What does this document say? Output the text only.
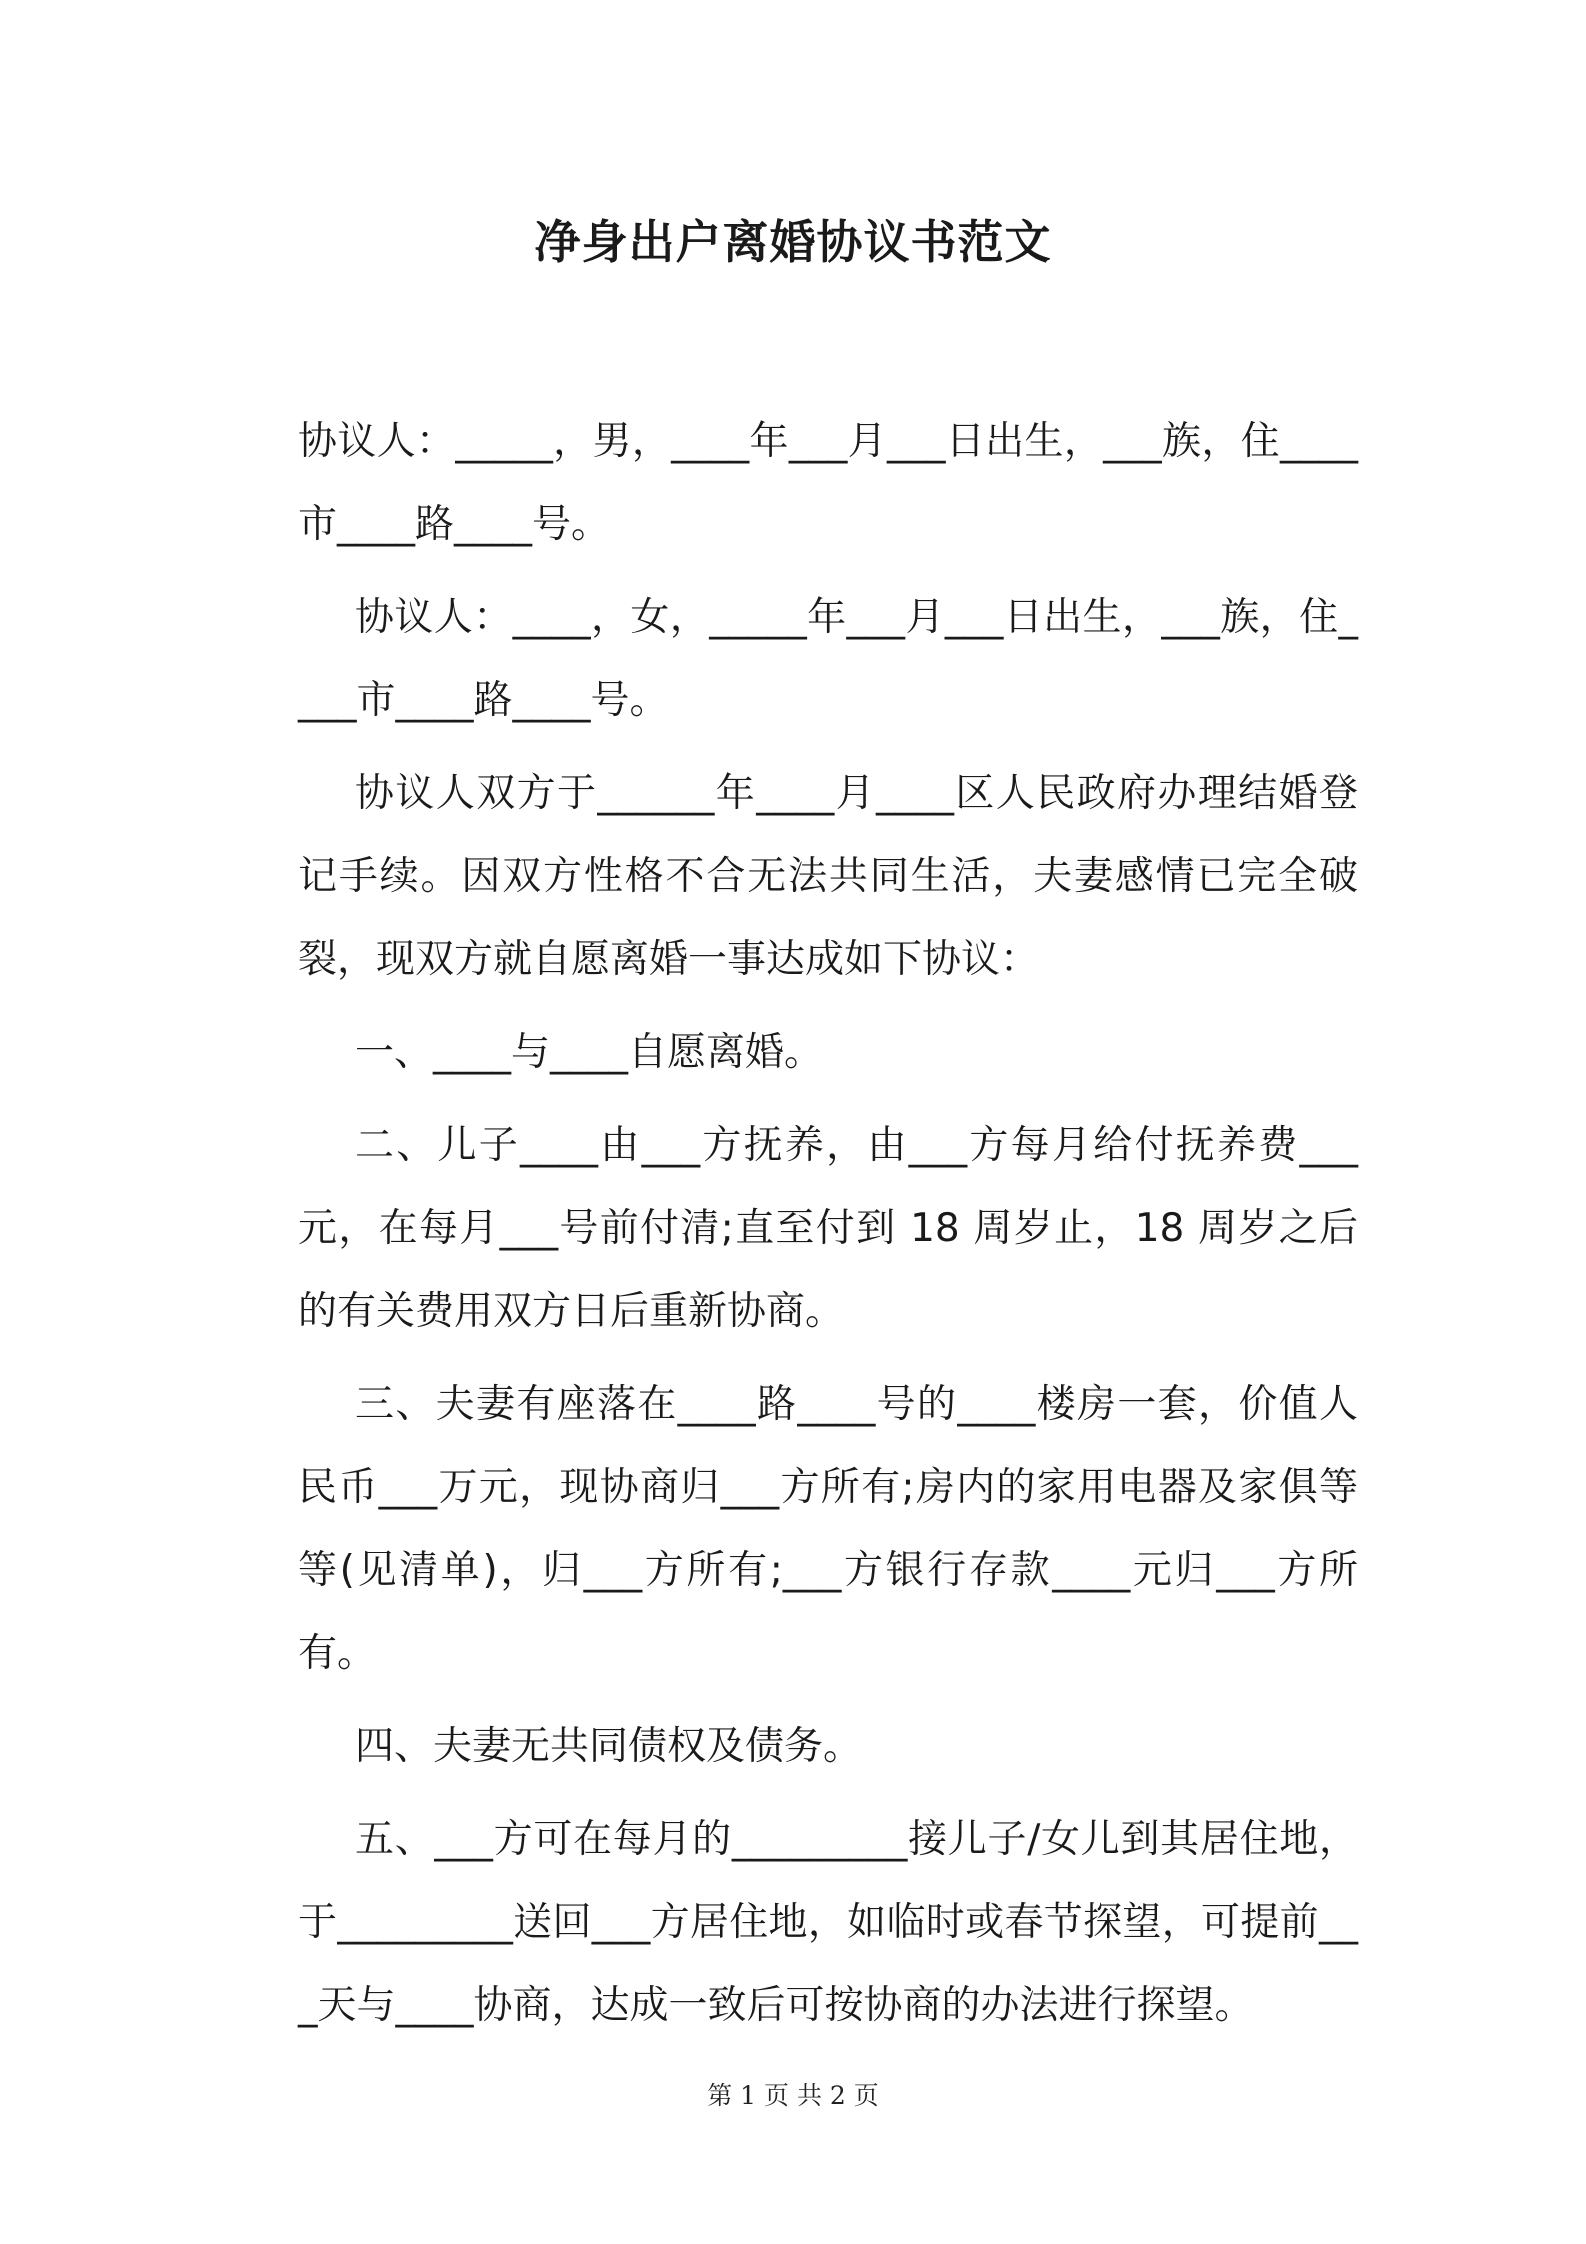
净身出户离婚协议书范文

协议人：_____，男，____年___月___日出生，___族，住____市____路____号。

协议人：____，女，_____年___月___日出生，___族，住____市____路____号。

协议人双方于______年____月____区人民政府办理结婚登记手续。因双方性格不合无法共同生活，夫妻感情已完全破裂，现双方就自愿离婚一事达成如下协议：

一、____与____自愿离婚。

二、儿子____由___方抚养，由___方每月给付抚养费___元，在每月___号前付清;直至付到 18 周岁止，18 周岁之后的有关费用双方日后重新协商。

三、夫妻有座落在____路____号的____楼房一套，价值人民币___万元，现协商归___方所有;房内的家用电器及家俱等等(见清单)，归___方所有;___方银行存款____元归___方所有。

四、夫妻无共同债权及债务。

五、___方可在每月的_________接儿子/女儿到其居住地，于_________送回___方居住地，如临时或春节探望，可提前___天与____协商，达成一致后可按协商的办法进行探望。

第 1 页 共 2 页
